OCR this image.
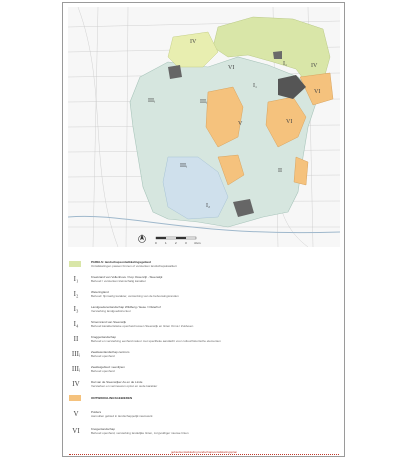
IV
VI
I₁	IV
VI
IIIᵢ	IIIᵢ
V	VI
I₁
IIIᵢ
II
I₂
0	1	2	3 4 km
PARELS: landschapsontwikkelingsgebied
Ontwikkelingen passen binnen of versterken landschapskwaliteit
I₁	Kreekrand van Vollenhove / Kop Ossenzijl - Steenwijk
Behoud / versterken kleinschalig karakter
I₂	Weteringland
Behoud: fijnmazig karakter, versterking van de bebouwingsranden
I₃	Landgoederenlandschap Wildberg / Eese / Olsterhof
Versterking landgoedstructuur
I₄	Stroomrand van Steenwijk
Behoud karakteristieke openheid tussen Steenwijk en linten Onna / Zuidveen
II	Kraggenlandschap
Behoud en versterking eenheid natuur met specifieke aandacht voor cultuurhistorische elementen
IIIᵢ	Zeekleienlandschap centrum
Behoud openheid
IIIᵢ	Zeekleigebied: veenlijnen
Behoud openheid
IV	Dal van de Steenwijker As en de Linde
Versterken en vernieuwen opzet en oude karakter
ONTWIKKELINGSGEBIEDEN
V	Polders
Aanvullen gebied in landschappelijk raamwerk
VI	Kreigenlandschap
Behoud openheid, versterking landelijke linten, zorgvuldiger nieuwe linten
gebiedsontwikkeling landschapsontwikkelingsplan
